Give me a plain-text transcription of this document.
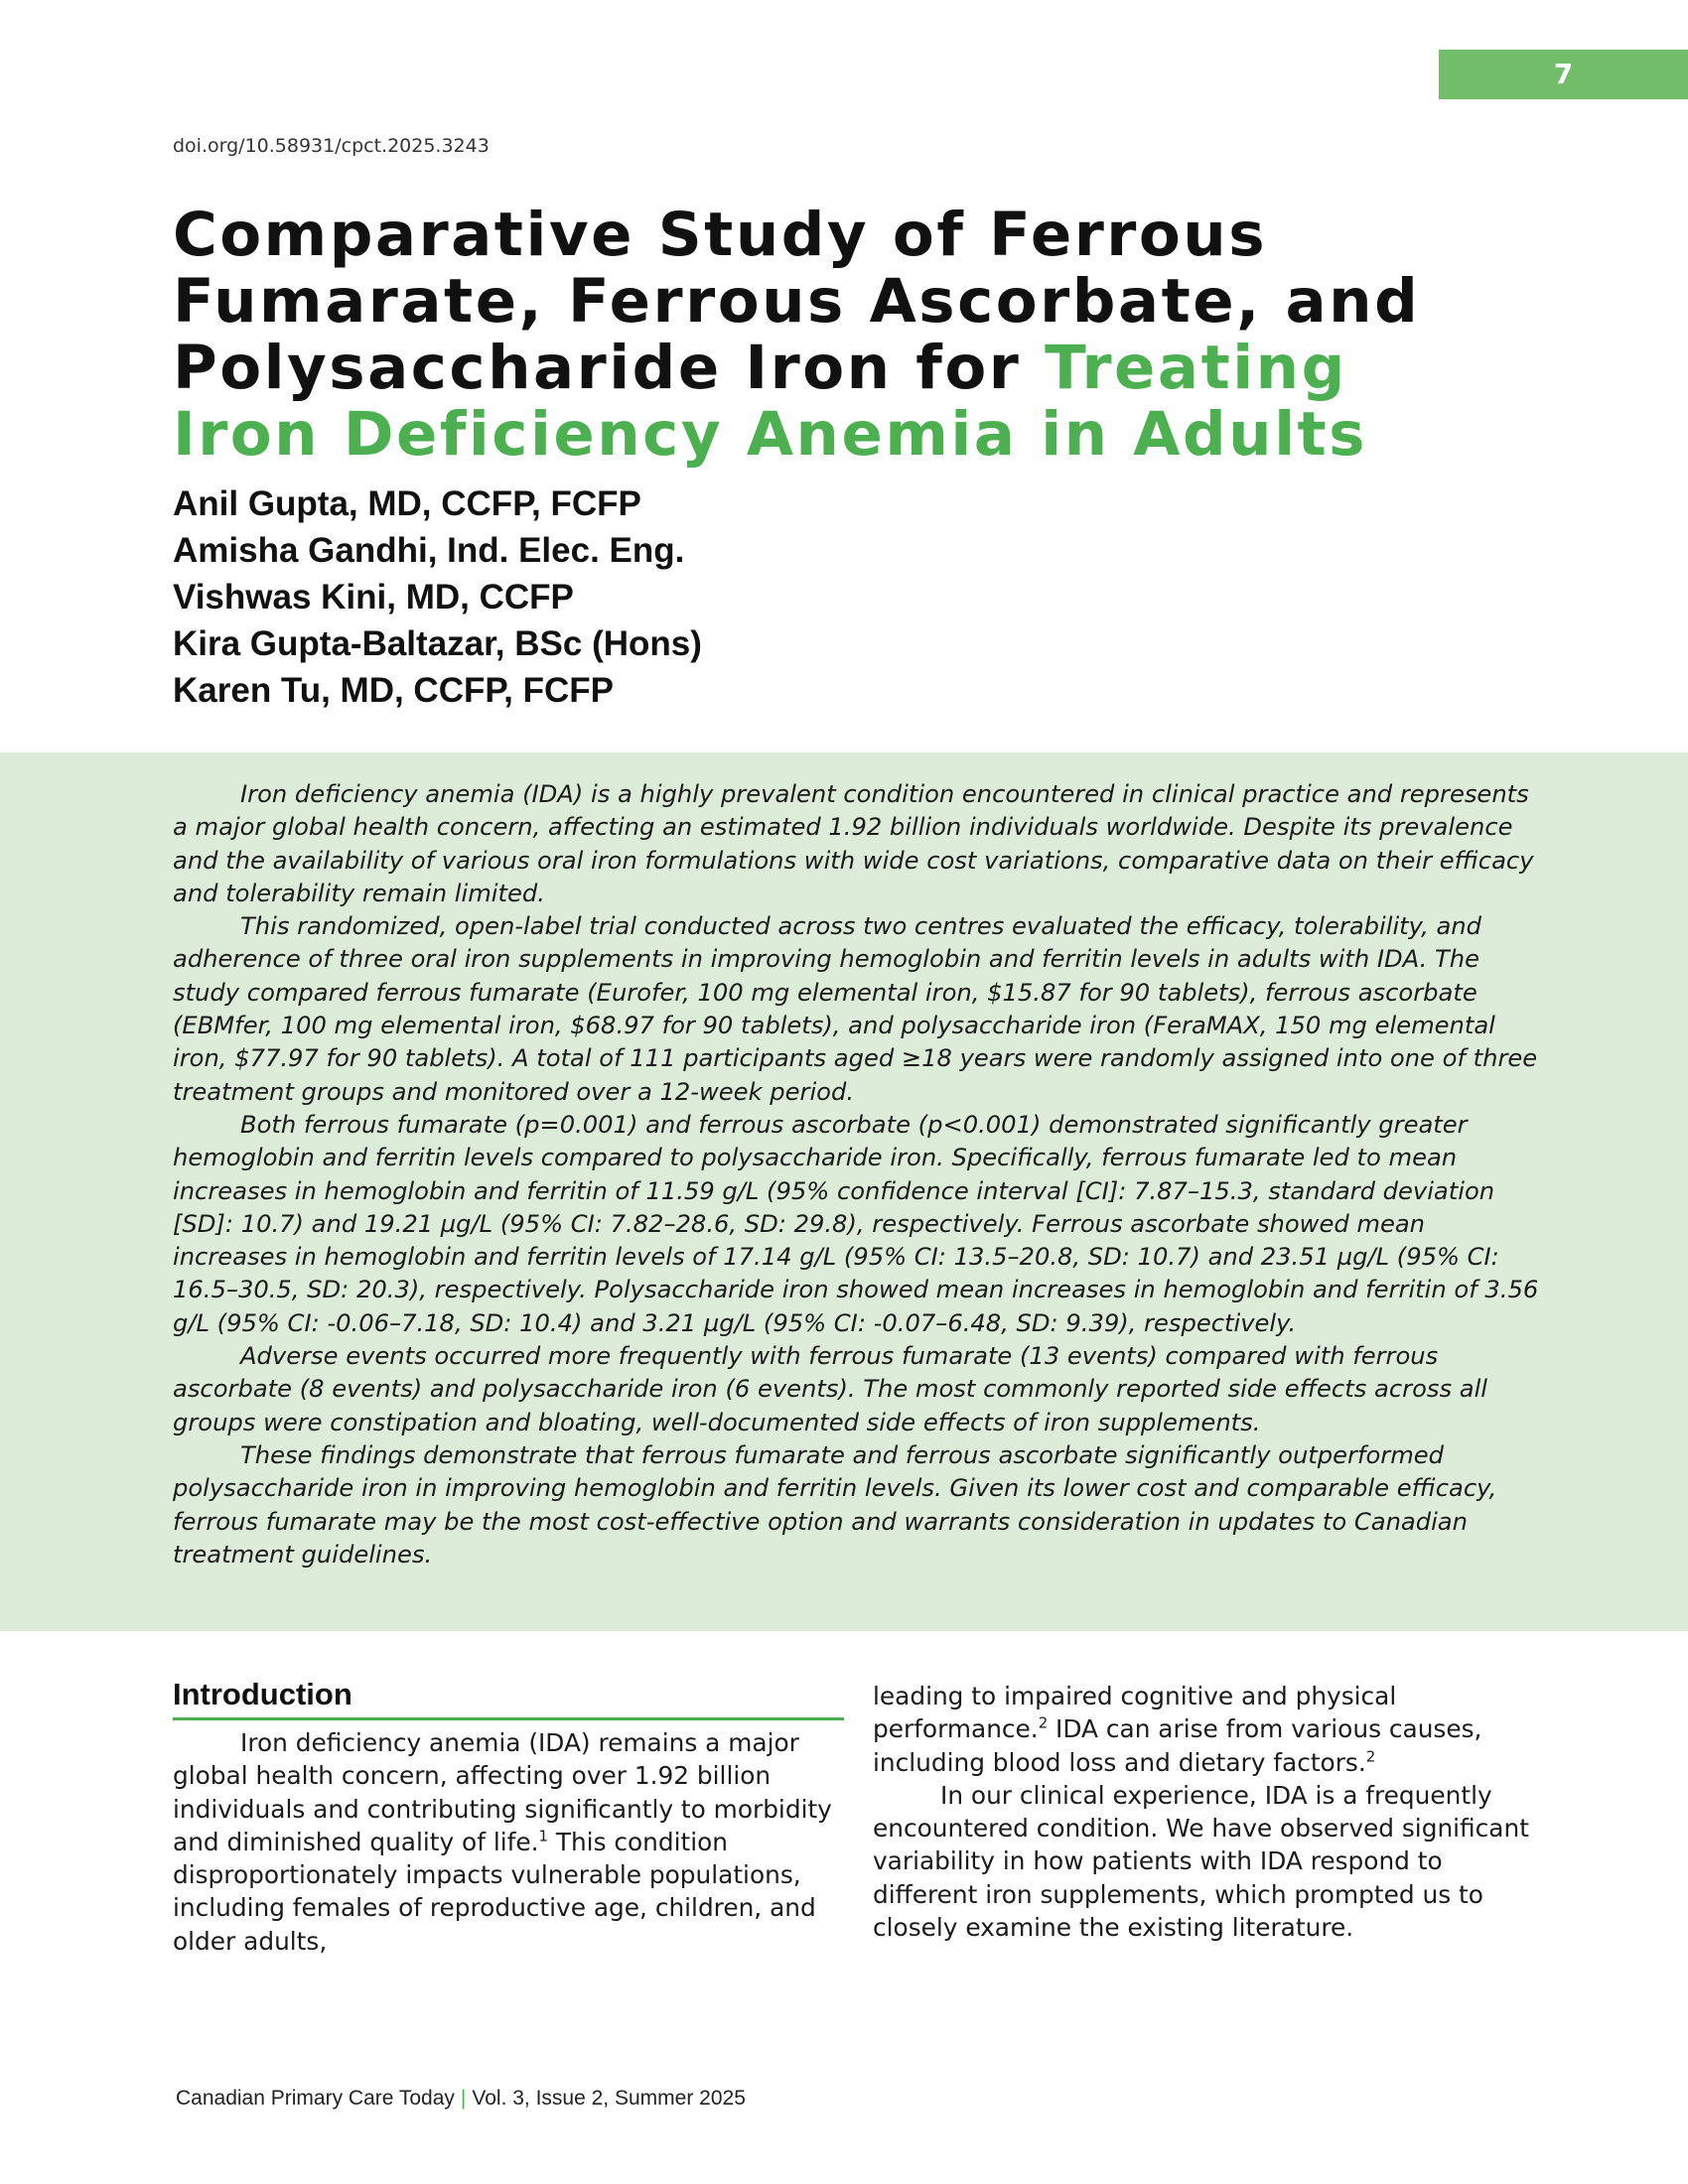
7
doi.org/10.58931/cpct.2025.3243
Comparative Study of Ferrous
Fumarate, Ferrous Ascorbate, and
Polysaccharide Iron for Treating
Iron Deficiency Anemia in Adults
Anil Gupta, MD, CCFP, FCFP
Amisha Gandhi, Ind. Elec. Eng.
Vishwas Kini, MD, CCFP
Kira Gupta-Baltazar, BSc (Hons)
Karen Tu, MD, CCFP, FCFP

Iron deficiency anemia (IDA) is a highly prevalent condition encountered in clinical practice and represents a major global health concern, affecting an estimated 1.92 billion individuals worldwide. Despite its prevalence and the availability of various oral iron formulations with wide cost variations, comparative data on their efficacy and tolerability remain limited.

This randomized, open-label trial conducted across two centres evaluated the efficacy, tolerability, and adherence of three oral iron supplements in improving hemoglobin and ferritin levels in adults with IDA. The study compared ferrous fumarate (Eurofer, 100 mg elemental iron, $15.87 for 90 tablets), ferrous ascorbate (EBMfer, 100 mg elemental iron, $68.97 for 90 tablets), and polysaccharide iron (FeraMAX, 150 mg elemental iron, $77.97 for 90 tablets). A total of 111 participants aged ≥18 years were randomly assigned into one of three treatment groups and monitored over a 12-week period.

Both ferrous fumarate (p=0.001) and ferrous ascorbate (p<0.001) demonstrated significantly greater hemoglobin and ferritin levels compared to polysaccharide iron. Specifically, ferrous fumarate led to mean increases in hemoglobin and ferritin of 11.59 g/L (95% confidence interval [CI]: 7.87–15.3, standard deviation [SD]: 10.7) and 19.21 µg/L (95% CI: 7.82–28.6, SD: 29.8), respectively. Ferrous ascorbate showed mean increases in hemoglobin and ferritin levels of 17.14 g/L (95% CI: 13.5–20.8, SD: 10.7) and 23.51 µg/L (95% CI: 16.5–30.5, SD: 20.3), respectively. Polysaccharide iron showed mean increases in hemoglobin and ferritin of 3.56 g/L (95% CI: -0.06–7.18, SD: 10.4) and 3.21 µg/L (95% CI: -0.07–6.48, SD: 9.39), respectively.

Adverse events occurred more frequently with ferrous fumarate (13 events) compared with ferrous ascorbate (8 events) and polysaccharide iron (6 events). The most commonly reported side effects across all groups were constipation and bloating, well-documented side effects of iron supplements.

These findings demonstrate that ferrous fumarate and ferrous ascorbate significantly outperformed polysaccharide iron in improving hemoglobin and ferritin levels. Given its lower cost and comparable efficacy, ferrous fumarate may be the most cost-effective option and warrants consideration in updates to Canadian treatment guidelines.

Introduction

Iron deficiency anemia (IDA) remains a major global health concern, affecting over 1.92 billion individuals and contributing significantly to morbidity and diminished quality of life.$^1$ This condition disproportionately impacts vulnerable populations, including females of reproductive age, children, and older adults,

leading to impaired cognitive and physical performance.$^2$ IDA can arise from various causes, including blood loss and dietary factors.$^2$

In our clinical experience, IDA is a frequently encountered condition. We have observed significant variability in how patients with IDA respond to different iron supplements, which prompted us to closely examine the existing literature.

Canadian Primary Care Today | Vol. 3, Issue 2, Summer 2025
